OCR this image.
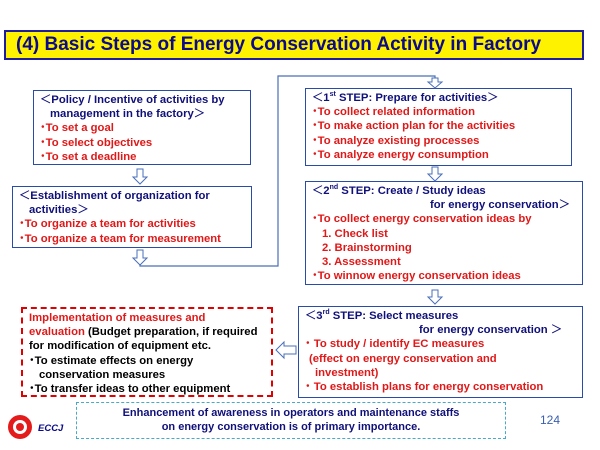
(4) Basic Steps of Energy Conservation Activity in Factory
＜Policy / Incentive of activities by
management in the factory＞
･To set a goal
･To select objectives
･To set a deadline
＜Establishment of organization for
activities＞
･To organize a team for activities
･To organize a team for measurement
＜1st STEP: Prepare for activities＞
･To collect related information
･To make action plan for the activities
･To analyze existing processes
･To analyze energy consumption
＜2nd STEP: Create / Study ideas
for energy conservation＞
･To collect energy conservation ideas by
1. Check list
2. Brainstorming
3. Assessment
･To winnow energy conservation ideas
＜3rd STEP: Select measures
for energy conservation ＞
･ To study / identify EC measures
(effect on energy conservation and
investment)
･ To establish plans for energy conservation
Implementation of measures and
evaluation (Budget preparation, if required
for modification of equipment etc.
･To estimate effects on energy
conservation measures
･To transfer ideas to other equipment
Enhancement of awareness in operators and maintenance staffs
on energy conservation is of primary importance.
ECCJ
124
